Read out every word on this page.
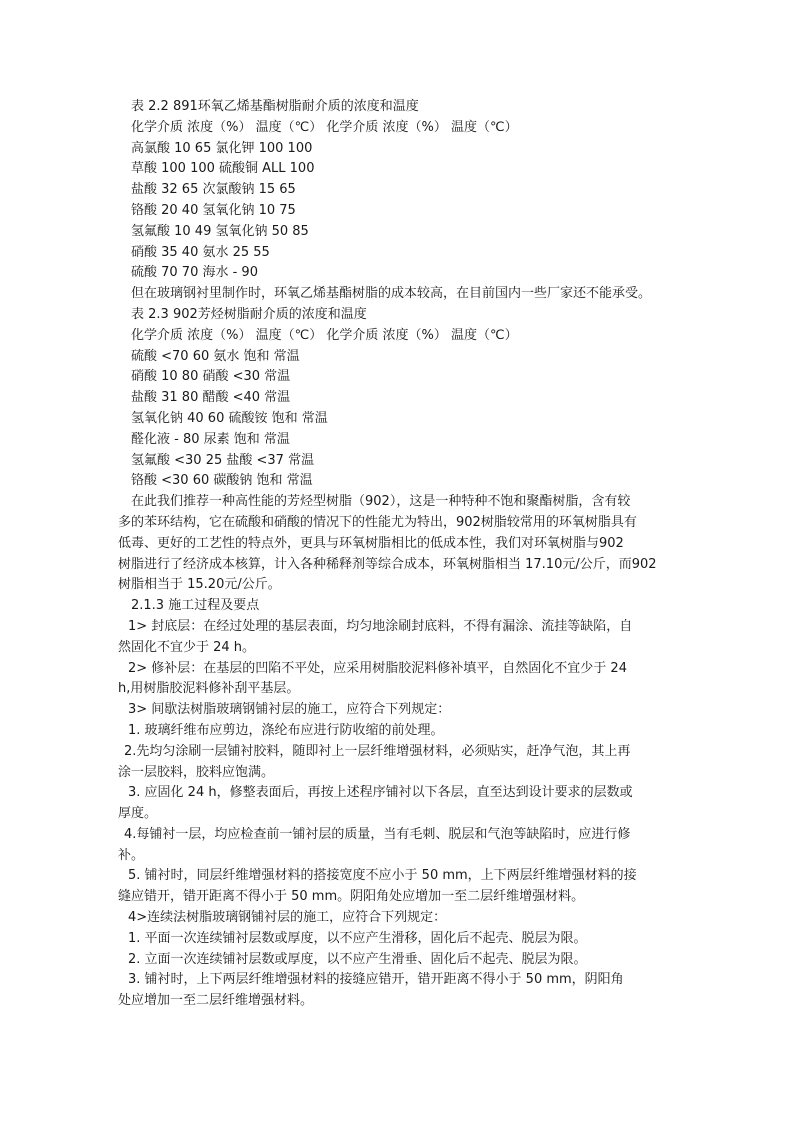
表 2.2 891环氧乙烯基酯树脂耐介质的浓度和温度

化学介质 浓度（%） 温度（℃） 化学介质 浓度（%） 温度（℃）

高氯酸 10 65 氯化钾 100 100

草酸 100 100 硫酸铜 ALL 100

盐酸 32 65 次氯酸钠 15 65

铬酸 20 40 氢氧化钠 10 75

氢氟酸 10 49 氢氧化钠 50 85

硝酸 35 40 氨水 25 55

硫酸 70 70 海水 - 90

但在玻璃钢衬里制作时，环氧乙烯基酯树脂的成本较高，在目前国内一些厂家还不能承受。

表 2.3 902芳烃树脂耐介质的浓度和温度

化学介质 浓度（%） 温度（℃） 化学介质 浓度（%） 温度（℃）

硫酸 <70 60 氨水 饱和 常温

硝酸 10 80 硝酸 <30 常温

盐酸 31 80 醋酸 <40 常温

氢氧化钠 40 60 硫酸铵 饱和 常温

醛化液 - 80 尿素 饱和 常温

氢氟酸 <30 25 盐酸 <37 常温

铬酸 <30 60 碳酸钠 饱和 常温

在此我们推荐一种高性能的芳烃型树脂（902），这是一种特种不饱和聚酯树脂，含有较

多的苯环结构，它在硫酸和硝酸的情况下的性能尤为特出，902树脂较常用的环氧树脂具有

低毒、更好的工艺性的特点外，更具与环氧树脂相比的低成本性，我们对环氧树脂与902

树脂进行了经济成本核算，计入各种稀释剂等综合成本，环氧树脂相当 17.10元/公斤，而902

树脂相当于 15.20元/公斤。

2.1.3 施工过程及要点

1> 封底层：在经过处理的基层表面，均匀地涂刷封底料，不得有漏涂、流挂等缺陷，自

然固化不宜少于 24 h。

2> 修补层：在基层的凹陷不平处，应采用树脂胶泥料修补填平，自然固化不宜少于 24

h,用树脂胶泥料修补刮平基层。

3> 间歇法树脂玻璃钢铺衬层的施工，应符合下列规定：

1. 玻璃纤维布应剪边，涤纶布应进行防收缩的前处理。

2.先均匀涂刷一层铺衬胶料，随即衬上一层纤维增强材料，必须贴实，赶净气泡，其上再

涂一层胶料，胶料应饱满。

3. 应固化 24 h，修整表面后，再按上述程序铺衬以下各层，直至达到设计要求的层数或

厚度。

4.每铺衬一层，均应检查前一铺衬层的质量，当有毛刺、脱层和气泡等缺陷时，应进行修

补。

5. 铺衬时，同层纤维增强材料的搭接宽度不应小于 50 mm，上下两层纤维增强材料的接

缝应错开，错开距离不得小于 50 mm。阴阳角处应增加一至二层纤维增强材料。

4>连续法树脂玻璃钢铺衬层的施工，应符合下列规定：

1. 平面一次连续铺衬层数或厚度，以不应产生滑移，固化后不起壳、脱层为限。

2. 立面一次连续铺衬层数或厚度，以不应产生滑垂、固化后不起壳、脱层为限。

3. 铺衬时，上下两层纤维增强材料的接缝应错开，错开距离不得小于 50 mm，阴阳角

处应增加一至二层纤维增强材料。
